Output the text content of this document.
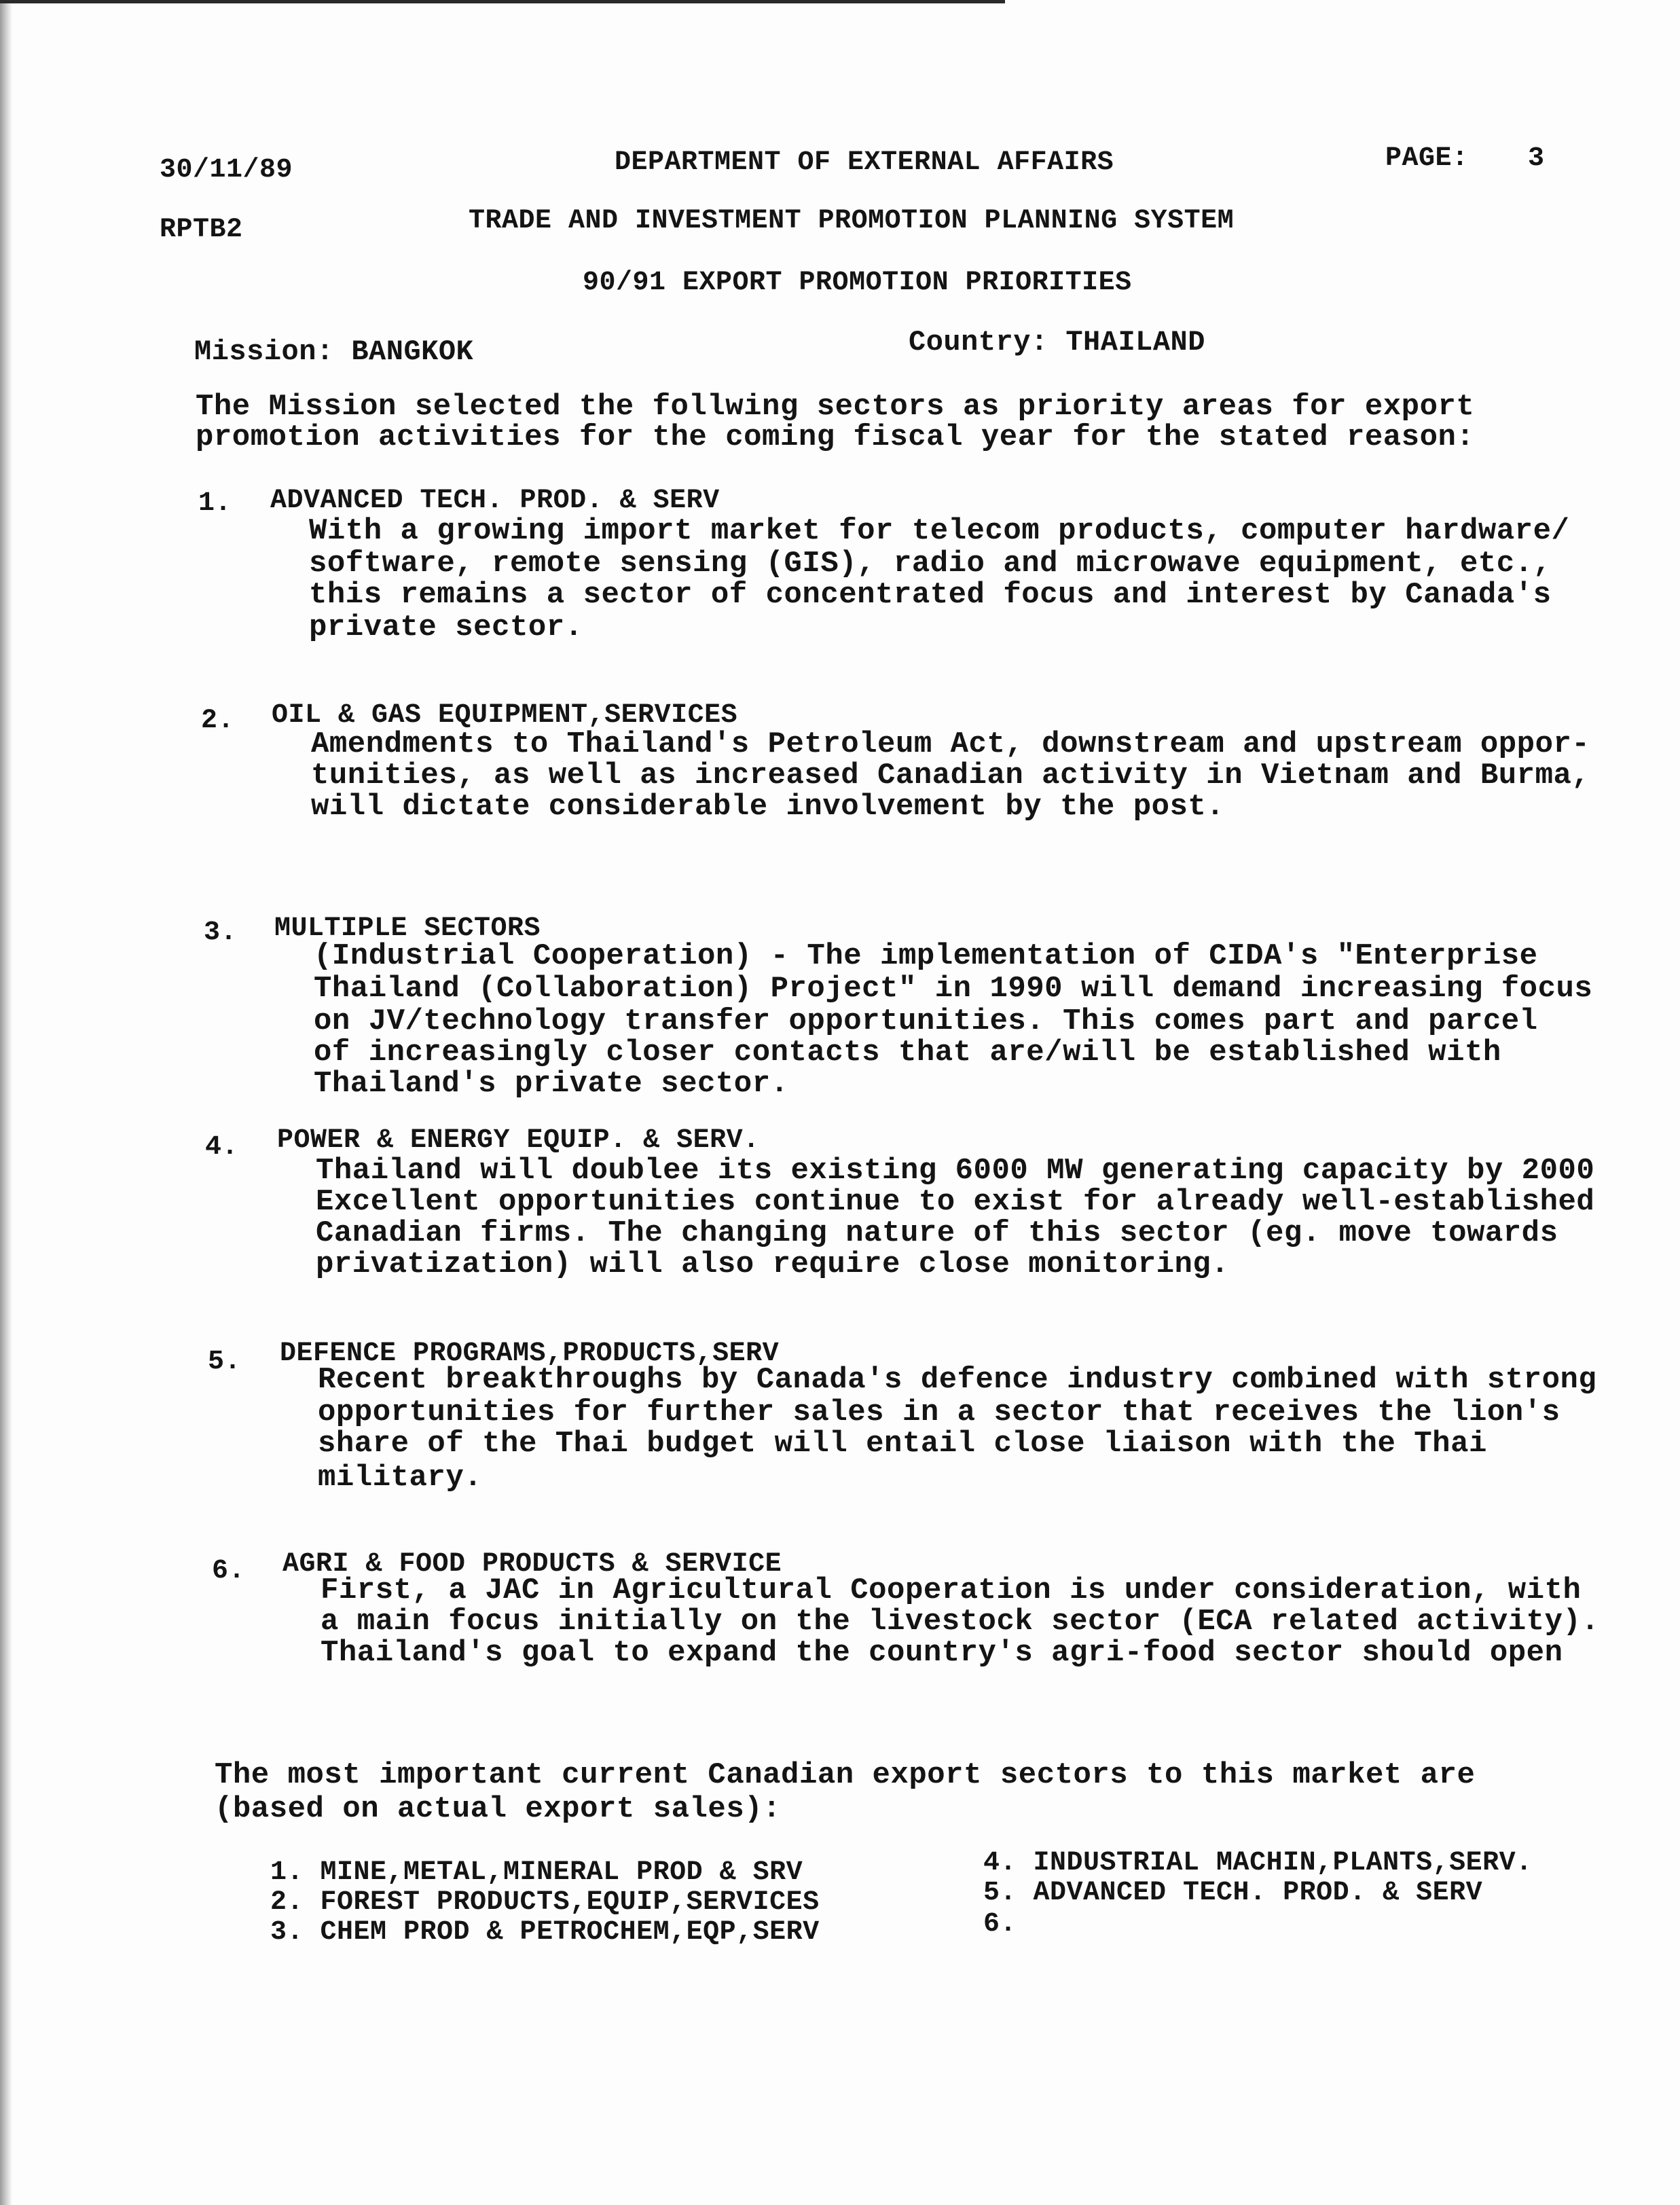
30/11/89	DEPARTMENT OF EXTERNAL AFFAIRS	PAGE: 3
RPTB2	TRADE AND INVESTMENT PROMOTION PLANNING SYSTEM
90/91 EXPORT PROMOTION PRIORITIES
Mission: BANGKOK	Country: THAILAND
The Mission selected the follwing sectors as priority areas for export
promotion activities for the coming fiscal year for the stated reason:
1. ADVANCED TECH. PROD. & SERV
With a growing import market for telecom products, computer hardware/
software, remote sensing (GIS), radio and microwave equipment, etc.,
this remains a sector of concentrated focus and interest by Canada's
private sector.
2. OIL & GAS EQUIPMENT,SERVICES
Amendments to Thailand's Petroleum Act, downstream and upstream oppor-
tunities, as well as increased Canadian activity in Vietnam and Burma,
will dictate considerable involvement by the post.
3. MULTIPLE SECTORS
(Industrial Cooperation) - The implementation of CIDA's "Enterprise
Thailand (Collaboration) Project" in 1990 will demand increasing focus
on JV/technology transfer opportunities. This comes part and parcel
of increasingly closer contacts that are/will be established with
Thailand's private sector.
4. POWER & ENERGY EQUIP. & SERV.
Thailand will doublee its existing 6000 MW generating capacity by 2000
Excellent opportunities continue to exist for already well-established
Canadian firms. The changing nature of this sector (eg. move towards
privatization) will also require close monitoring.
5. DEFENCE PROGRAMS,PRODUCTS,SERV
Recent breakthroughs by Canada's defence industry combined with strong
opportunities for further sales in a sector that receives the lion's
share of the Thai budget will entail close liaison with the Thai
military.
6. AGRI & FOOD PRODUCTS & SERVICE
First, a JAC in Agricultural Cooperation is under consideration, with
a main focus initially on the livestock sector (ECA related activity).
Thailand's goal to expand the country's agri-food sector should open
The most important current Canadian export sectors to this market are
(based on actual export sales):
1. MINE,METAL,MINERAL PROD & SRV
2. FOREST PRODUCTS,EQUIP,SERVICES
3. CHEM PROD & PETROCHEM,EQP,SERV
4. INDUSTRIAL MACHIN,PLANTS,SERV.
5. ADVANCED TECH. PROD. & SERV
6.
